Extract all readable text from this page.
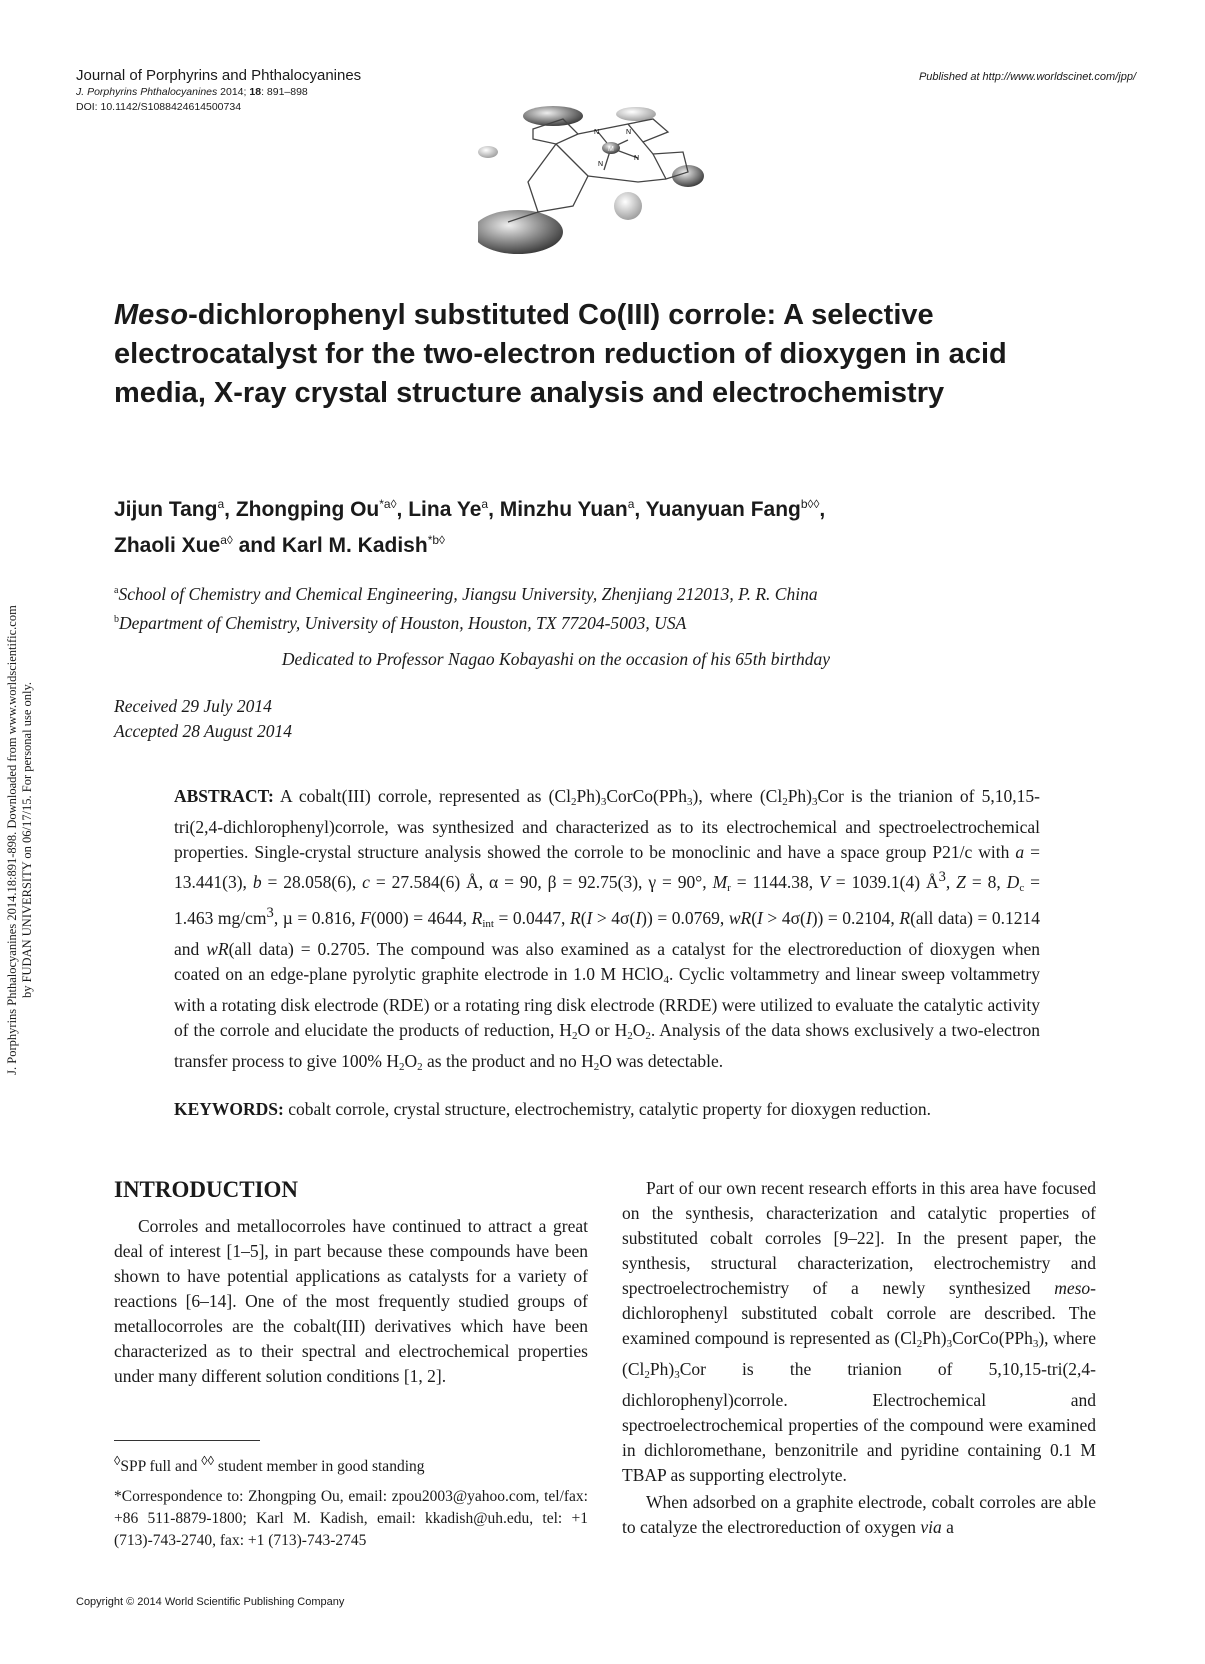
Journal of Porphyrins and Phthalocyanines
J. Porphyrins Phthalocyanines 2014; 18: 891–898
DOI: 10.1142/S1088424614500734
Published at http://www.worldscinet.com/jpp/
M
N	N
N
N
J. Porphyrins Phthalocyanines 2014.18:891-898. Downloaded from www.worldscientific.com by FUDAN UNIVERSITY on 06/17/15. For personal use only.
Meso-dichlorophenyl substituted Co(III) corrole: A selective electrocatalyst for the two-electron reduction of dioxygen in acid media, X-ray crystal structure analysis and electrochemistry
Jijun Tang$^a$, Zhongping $Ou^{*a◊}$, Lina Ye$^a$, Minzhu Yuan$^a$, Yuanyuan Fang$^{b◊◊}$,
Zhaoli Xue$^{a◊}$ and Karl M. Kadish$^{*b◊}$
$^a$School of Chemistry and Chemical Engineering, Jiangsu University, Zhenjiang 212013, P. R. China
$^b$Department of Chemistry, University of Houston, Houston, TX 77204-5003, USA
Dedicated to Professor Nagao Kobayashi on the occasion of his 65th birthday
Received 29 July 2014
Accepted 28 August 2014
ABSTRACT: A cobalt(III) corrole, represented as $(Cl_2Ph)_3CorCo(PPh_3)$, where $(Cl_2Ph)_3Cor$ is the trianion of 5,10,15-tri(2,4-dichlorophenyl)corrole, was synthesized and characterized as to its electrochemical and spectroelectrochemical properties. Single-crystal structure analysis showed the corrole to be monoclinic and have a space group P21/c with a = 13.441(3), b = 28.058(6), c = 27.584(6) Å, α = 90, β = 92.75(3), γ = 90°, $M_r = 1144.38$, V = 1039.1(4) $Å^3$, Z = 8, $D_c = 1.463$ $mg/cm^3$, µ = 0.816, F(000) = 4644, $R_{int} = 0.0447$, R(I > 4σ(I)) = 0.0769, wR(I > 4σ(I)) = 0.2104, R(all data) = 0.1214 and wR(all data) = 0.2705. The compound was also examined as a catalyst for the electroreduction of dioxygen when coated on an edge-plane pyrolytic graphite electrode in 1.0 M HClO$_4$. Cyclic voltammetry and linear sweep voltammetry with a rotating disk electrode (RDE) or a rotating ring disk electrode (RRDE) were utilized to evaluate the catalytic activity of the corrole and elucidate the products of reduction, $H_2O$ or $H_2O_2$. Analysis of the data shows exclusively a two-electron transfer process to give 100% $H_2O_2$ as the product and no $H_2O$ was detectable.
KEYWORDS: cobalt corrole, crystal structure, electrochemistry, catalytic property for dioxygen reduction.
INTRODUCTION

Corroles and metallocorroles have continued to attract a great deal of interest [1–5], in part because these compounds have been shown to have potential applications as catalysts for a variety of reactions [6–14]. One of the most frequently studied groups of metallocorroles are the cobalt(III) derivatives which have been characterized as to their spectral and electrochemical properties under many different solution conditions [1, 2].

◊SPP full and ◊◊ student member in good standing

*Correspondence to: Zhongping Ou, email: zpou2003@yahoo.com, tel/fax: +86 511-8879-1800; Karl M. Kadish, email: kkadish@uh.edu, tel: +1 (713)-743-2740, fax: +1 (713)-743-2745

Part of our own recent research efforts in this area have focused on the synthesis, characterization and catalytic properties of substituted cobalt corroles [9–22]. In the present paper, the synthesis, structural characterization, electrochemistry and spectroelectrochemistry of a newly synthesized meso-dichlorophenyl substituted cobalt corrole are described. The examined compound is represented as $(Cl_2Ph)_3CorCo(PPh_3)$, where $(Cl_2Ph)_3Cor$ is the trianion of 5,10,15-tri(2,4-dichlorophenyl)corrole. Electrochemical and spectroelectrochemical properties of the compound were examined in dichloromethane, benzonitrile and pyridine containing 0.1 M TBAP as supporting electrolyte.

When adsorbed on a graphite electrode, cobalt corroles are able to catalyze the electroreduction of oxygen via a

Copyright © 2014 World Scientific Publishing Company
